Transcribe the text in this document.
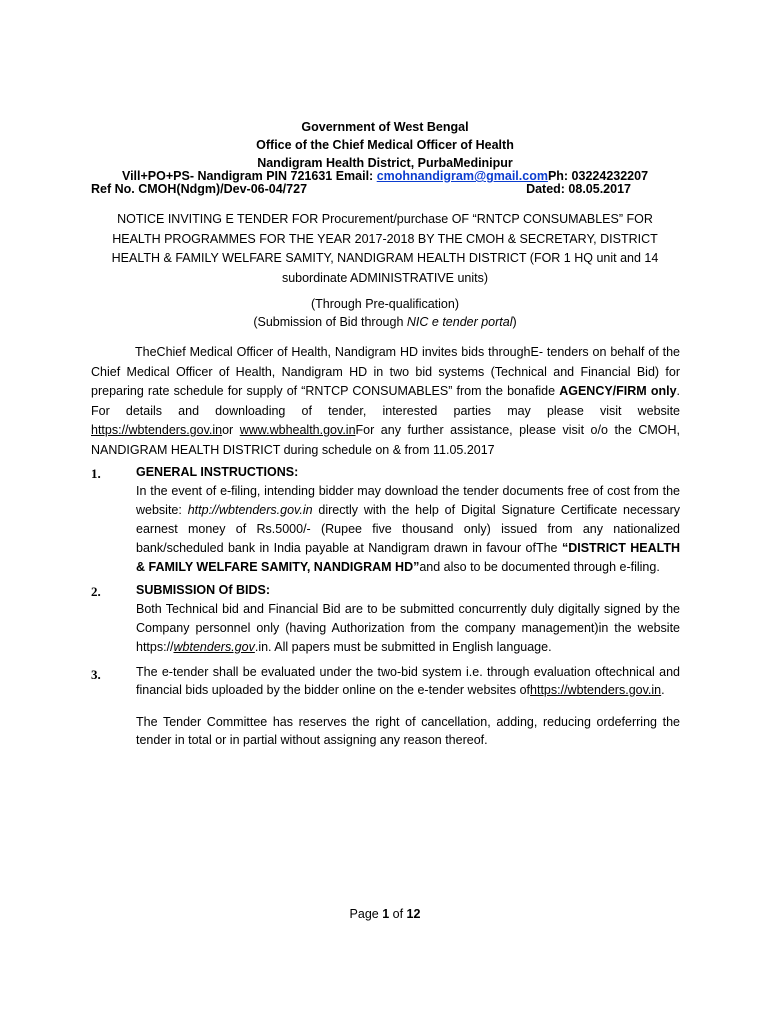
Government of West Bengal
Office of the Chief Medical Officer of Health
Nandigram Health District, PurbaMedinipur
Vill+PO+PS- Nandigram PIN 721631 Email: cmohnandigram@gmail.comPh: 03224232207
Ref No. CMOH(Ndgm)/Dev-06-04/727	Dated: 08.05.2017
NOTICE INVITING E TENDER FOR Procurement/purchase OF “RNTCP CONSUMABLES” FOR HEALTH PROGRAMMES FOR THE YEAR 2017-2018 BY THE CMOH & SECRETARY, DISTRICT HEALTH & FAMILY WELFARE SAMITY, NANDIGRAM HEALTH DISTRICT (FOR 1 HQ unit and 14 subordinate ADMINISTRATIVE units)
(Through Pre-qualification)
(Submission of Bid through NIC e tender portal)
TheChief Medical Officer of Health, Nandigram HD invites bids throughE- tenders on behalf of the Chief Medical Officer of Health, Nandigram HD in two bid systems (Technical and Financial Bid) for preparing rate schedule for supply of “RNTCP CONSUMABLES” from the bonafide AGENCY/FIRM only. For details and downloading of tender, interested parties may please visit website https://wbtenders.gov.inor www.wbhealth.gov.inFor any further assistance, please visit o/o the CMOH, NANDIGRAM HEALTH DISTRICT during schedule on & from 11.05.2017
1.	GENERAL INSTRUCTIONS:
In the event of e-filing, intending bidder may download the tender documents free of cost from the website: http://wbtenders.gov.in directly with the help of Digital Signature Certificate necessary earnest money of Rs.5000/- (Rupee five thousand only) issued from any nationalized bank/scheduled bank in India payable at Nandigram drawn in favour ofThe “DISTRICT HEALTH & FAMILY WELFARE SAMITY, NANDIGRAM HD”and also to be documented through e-filing.
2.	SUBMISSION Of BIDS:
Both Technical bid and Financial Bid are to be submitted concurrently duly digitally signed by the Company personnel only (having Authorization from the company management)in the website https://wbtenders.gov.in. All papers must be submitted in English language.
3.	The e-tender shall be evaluated under the two-bid system i.e. through evaluation oftechnical and financial bids uploaded by the bidder online on the e-tender websites ofhttps://wbtenders.gov.in.
The Tender Committee has reserves the right of cancellation, adding, reducing ordeferring the tender in total or in partial without assigning any reason thereof.
Page 1 of 12
